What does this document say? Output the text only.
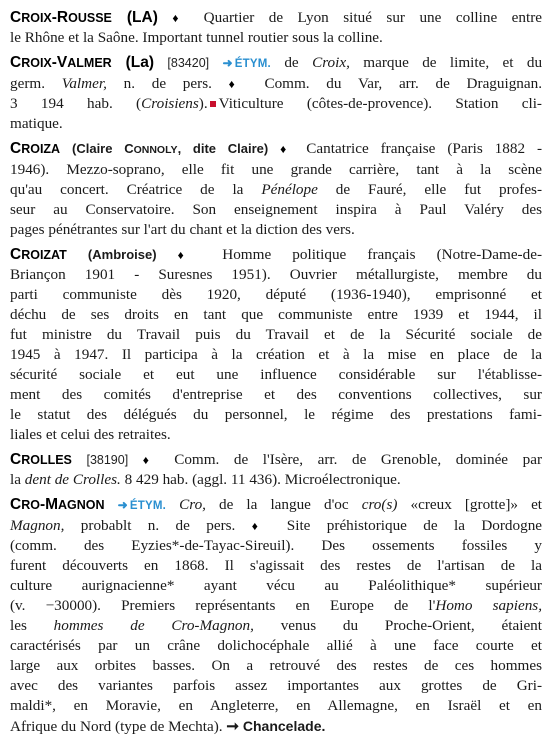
CROIX-ROUSSE (LA) ♦ Quartier de Lyon situé sur une colline entre
le Rhône et la Saône. Important tunnel routier sous la colline.
CROIX-VALMER (La) [83420] ➜ ÉTYM. de Croix, marque de limite, et du
germ. Valmer, n. de pers. ♦ Comm. du Var, arr. de Draguignan.
3 194 hab. (Croisiens). Viticulture (côtes-de-provence). Station cli-
matique.
CROIZA (Claire CONNOLY, dite Claire) ♦ Cantatrice française (Paris 1882 -
1946). Mezzo-soprano, elle fit une grande carrière, tant à la scène
qu'au concert. Créatrice de la Pénélope de Fauré, elle fut profes-
seur au Conservatoire. Son enseignement inspira à Paul Valéry des
pages pénétrantes sur l'art du chant et la diction des vers.
CROIZAT (Ambroise) ♦ Homme politique français (Notre-Dame-de-
Briançon 1901 - Suresnes 1951). Ouvrier métallurgiste, membre du
parti communiste dès 1920, député (1936-1940), emprisonné et
déchu de ses droits en tant que communiste entre 1939 et 1944, il
fut ministre du Travail puis du Travail et de la Sécurité sociale de
1945 à 1947. Il participa à la création et à la mise en place de la
sécurité sociale et eut une influence considérable sur l'établisse-
ment des comités d'entreprise et des conventions collectives, sur
le statut des délégués du personnel, le régime des prestations fami-
liales et celui des retraites.
CROLLES [38190] ♦ Comm. de l'Isère, arr. de Grenoble, dominée par
la dent de Crolles. 8 429 hab. (aggl. 11 436). Microélectronique.
CRO-MAGNON ➜ ÉTYM. Cro, de la langue d'oc cro(s) «creux [grotte]» et
Magnon, probablt n. de pers. ♦ Site préhistorique de la Dordogne
(comm. des Eyzies*-de-Tayac-Sireuil). Des ossements fossiles y
furent découverts en 1868. Il s'agissait des restes de l'artisan de la
culture aurignacienne* ayant vécu au Paléolithique* supérieur
(v. −30000). Premiers représentants en Europe de l'Homo sapiens,
les hommes de Cro-Magnon, venus du Proche-Orient, étaient
caractérisés par un crâne dolichocéphale allié à une face courte et
large aux orbites basses. On a retrouvé des restes de ces hommes
avec des variantes parfois assez importantes aux grottes de Gri-
maldi*, en Moravie, en Angleterre, en Allemagne, en Israël et en
Afrique du Nord (type de Mechta). ➞ Chancelade.
